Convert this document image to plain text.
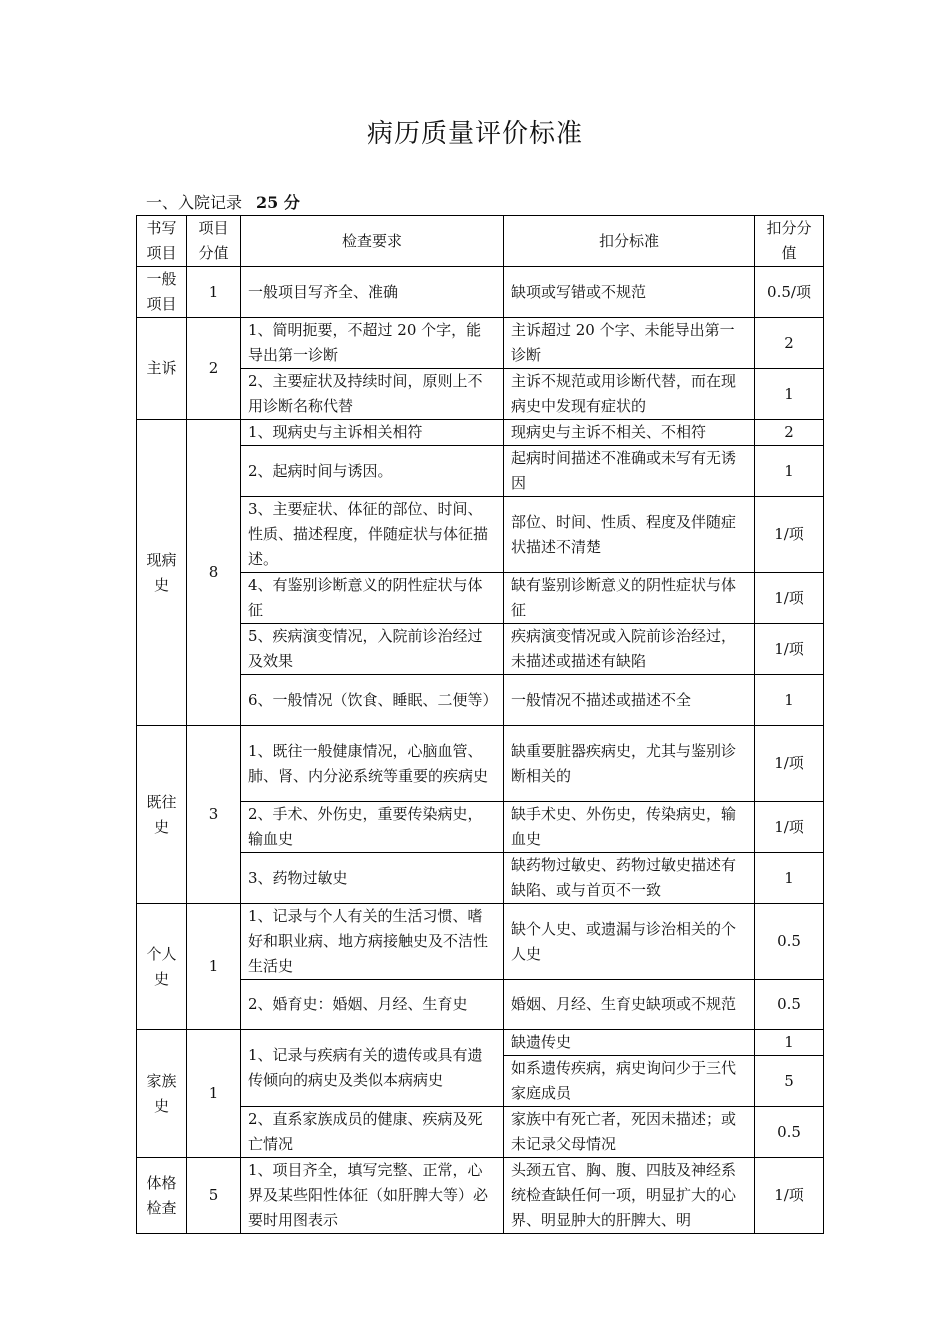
病历质量评价标准
一、入院记录 25 分
书写项目	项目分值	检查要求	扣分标准	扣分分值
一般项目	1	一般项目写齐全、准确	缺项或写错或不规范	0.5/项
主诉	2	1、简明扼要，不超过 20 个字，能导出第一诊断	主诉超过 20 个字、未能导出第一诊断	2
		2、主要症状及持续时间，原则上不用诊断名称代替	主诉不规范或用诊断代替，而在现病史中发现有症状的	1
现病史	8	1、现病史与主诉相关相符	现病史与主诉不相关、不相符	2
		2、起病时间与诱因。	起病时间描述不准确或未写有无诱因	1
		3、主要症状、体征的部位、时间、性质、描述程度，伴随症状与体征描述。	部位、时间、性质、程度及伴随症状描述不清楚	1/项
		4、有鉴别诊断意义的阴性症状与体征	缺有鉴别诊断意义的阴性症状与体征	1/项
		5、疾病演变情况，入院前诊治经过及效果	疾病演变情况或入院前诊治经过，未描述或描述有缺陷	1/项
		6、一般情况（饮食、睡眠、二便等）	一般情况不描述或描述不全	1
既往史	3	1、既往一般健康情况，心脑血管、肺、肾、内分泌系统等重要的疾病史	缺重要脏器疾病史，尤其与鉴别诊断相关的	1/项
		2、手术、外伤史，重要传染病史，输血史	缺手术史、外伤史，传染病史，输血史	1/项
		3、药物过敏史	缺药物过敏史、药物过敏史描述有缺陷、或与首页不一致	1
个人史	1	1、记录与个人有关的生活习惯、嗜好和职业病、地方病接触史及不洁性生活史	缺个人史、或遗漏与诊治相关的个人史	0.5
		2、婚育史：婚姻、月经、生育史	婚姻、月经、生育史缺项或不规范	0.5
家族史	1	1、记录与疾病有关的遗传或具有遗传倾向的病史及类似本病病史	缺遗传史	1
			如系遗传疾病，病史询问少于三代家庭成员	5
		2、直系家族成员的健康、疾病及死亡情况	家族中有死亡者，死因未描述；或未记录父母情况	0.5
体格检查	5	1、项目齐全，填写完整、正常，心界及某些阳性体征（如肝脾大等）必要时用图表示	头颈五官、胸、腹、四肢及神经系统检查缺任何一项，明显扩大的心界、明显肿大的肝脾大、明	1/项
